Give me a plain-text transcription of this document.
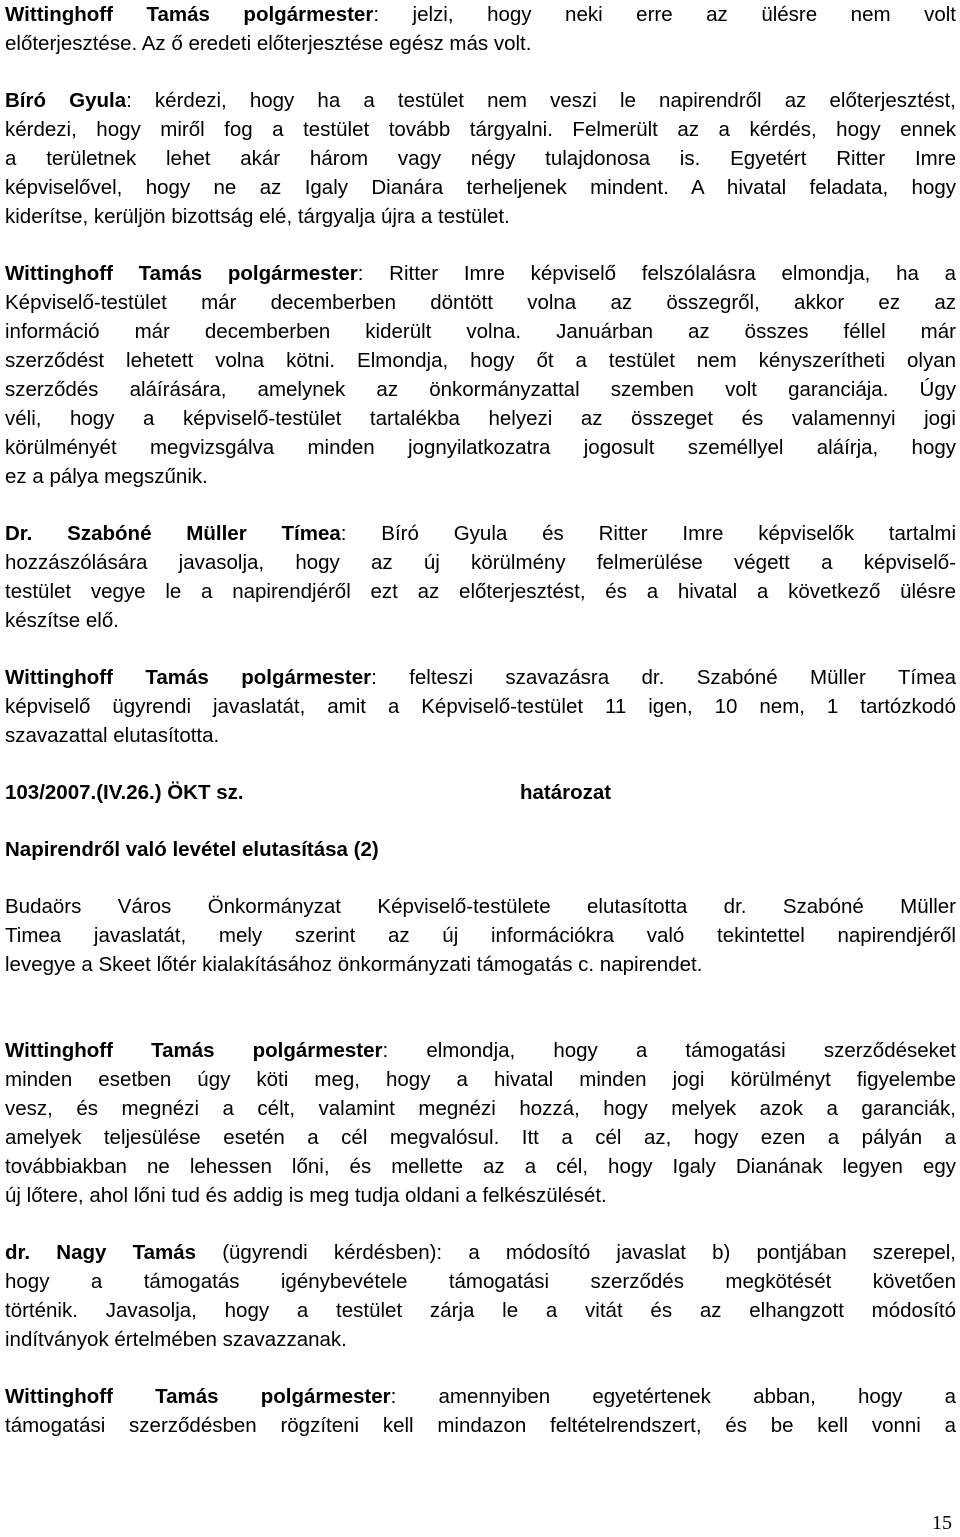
Wittinghoff Tamás polgármester: jelzi, hogy neki erre az ülésre nem volt
előterjesztése. Az ő eredeti előterjesztése egész más volt.
Bíró Gyula: kérdezi, hogy ha a testület nem veszi le napirendről az előterjesztést,
kérdezi, hogy miről fog a testület tovább tárgyalni. Felmerült az a kérdés, hogy ennek
a területnek lehet akár három vagy négy tulajdonosa is. Egyetért Ritter Imre
képviselővel, hogy ne az Igaly Dianára terheljenek mindent. A hivatal feladata, hogy
kiderítse, kerüljön bizottság elé, tárgyalja újra a testület.
Wittinghoff Tamás polgármester: Ritter Imre képviselő felszólalásra elmondja, ha a
Képviselő-testület már decemberben döntött volna az összegről, akkor ez az
információ már decemberben kiderült volna. Januárban az összes féllel már
szerződést lehetett volna kötni. Elmondja, hogy őt a testület nem kényszerítheti olyan
szerződés aláírására, amelynek az önkormányzattal szemben volt garanciája. Úgy
véli, hogy a képviselő-testület tartalékba helyezi az összeget és valamennyi jogi
körülményét megvizsgálva minden jognyilatkozatra jogosult személlyel aláírja, hogy
ez a pálya megszűnik.
Dr. Szabóné Müller Tímea: Bíró Gyula és Ritter Imre képviselők tartalmi
hozzászólására javasolja, hogy az új körülmény felmerülése végett a képviselő-
testület vegye le a napirendjéről ezt az előterjesztést, és a hivatal a következő ülésre
készítse elő.
Wittinghoff Tamás polgármester: felteszi szavazásra dr. Szabóné Müller Tímea
képviselő ügyrendi javaslatát, amit a Képviselő-testület 11 igen, 10 nem, 1 tartózkodó
szavazattal elutasította.
103/2007.(IV.26.) ÖKT sz.	határozat

Napirendről való levétel elutasítása (2)

Budaörs Város Önkormányzat Képviselő-testülete elutasította dr. Szabóné Müller
Timea javaslatát, mely szerint az új információkra való tekintettel napirendjéről
levegye a Skeet lőtér kialakításához önkormányzati támogatás c. napirendet.
Wittinghoff Tamás polgármester: elmondja, hogy a támogatási szerződéseket
minden esetben úgy köti meg, hogy a hivatal minden jogi körülményt figyelembe
vesz, és megnézi a célt, valamint megnézi hozzá, hogy melyek azok a garanciák,
amelyek teljesülése esetén a cél megvalósul. Itt a cél az, hogy ezen a pályán a
továbbiakban ne lehessen lőni, és mellette az a cél, hogy Igaly Dianának legyen egy
új lőtere, ahol lőni tud és addig is meg tudja oldani a felkészülését.
dr. Nagy Tamás (ügyrendi kérdésben): a módosító javaslat b) pontjában szerepel,
hogy a támogatás igénybevétele támogatási szerződés megkötését követően
történik. Javasolja, hogy a testület zárja le a vitát és az elhangzott módosító
indítványok értelmében szavazzanak.
Wittinghoff Tamás polgármester: amennyiben egyetértenek abban, hogy a
támogatási szerződésben rögzíteni kell mindazon feltételrendszert, és be kell vonni a
15
